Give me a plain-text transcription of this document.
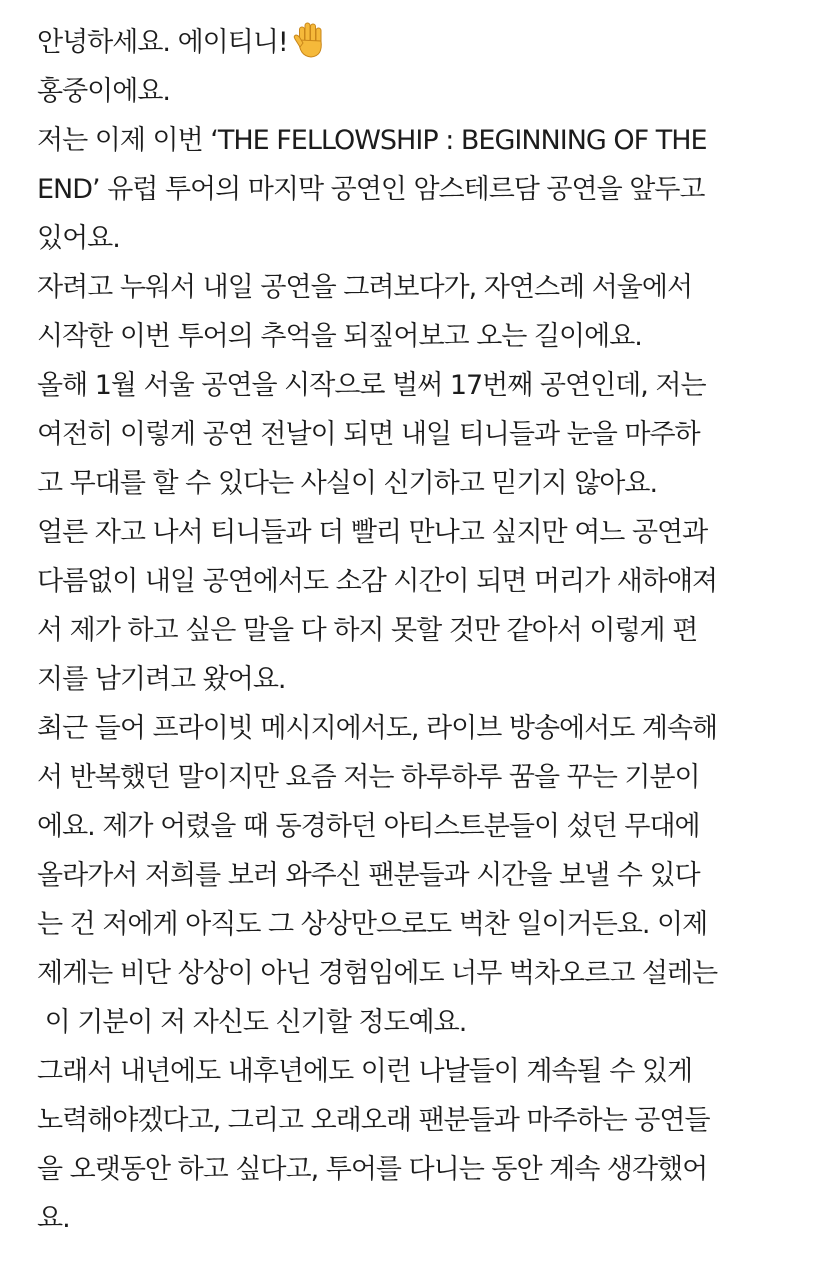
안녕하세요. 에이티니!
홍중이에요.
저는 이제 이번 ‘THE FELLOWSHIP : BEGINNING OF THE
END’ 유럽 투어의 마지막 공연인 암스테르담 공연을 앞두고
있어요.
자려고 누워서 내일 공연을 그려보다가, 자연스레 서울에서
시작한 이번 투어의 추억을 되짚어보고 오는 길이에요.
올해 1월 서울 공연을 시작으로 벌써 17번째 공연인데, 저는
여전히 이렇게 공연 전날이 되면 내일 티니들과 눈을 마주하
고 무대를 할 수 있다는 사실이 신기하고 믿기지 않아요.
얼른 자고 나서 티니들과 더 빨리 만나고 싶지만 여느 공연과
다름없이 내일 공연에서도 소감 시간이 되면 머리가 새하얘져
서 제가 하고 싶은 말을 다 하지 못할 것만 같아서 이렇게 편
지를 남기려고 왔어요.
최근 들어 프라이빗 메시지에서도, 라이브 방송에서도 계속해
서 반복했던 말이지만 요즘 저는 하루하루 꿈을 꾸는 기분이
에요. 제가 어렸을 때 동경하던 아티스트분들이 섰던 무대에
올라가서 저희를 보러 와주신 팬분들과 시간을 보낼 수 있다
는 건 저에게 아직도 그 상상만으로도 벅찬 일이거든요. 이제
제게는 비단 상상이 아닌 경험임에도 너무 벅차오르고 설레는
이 기분이 저 자신도 신기할 정도예요.
그래서 내년에도 내후년에도 이런 나날들이 계속될 수 있게
노력해야겠다고, 그리고 오래오래 팬분들과 마주하는 공연들
을 오랫동안 하고 싶다고, 투어를 다니는 동안 계속 생각했어
요.
